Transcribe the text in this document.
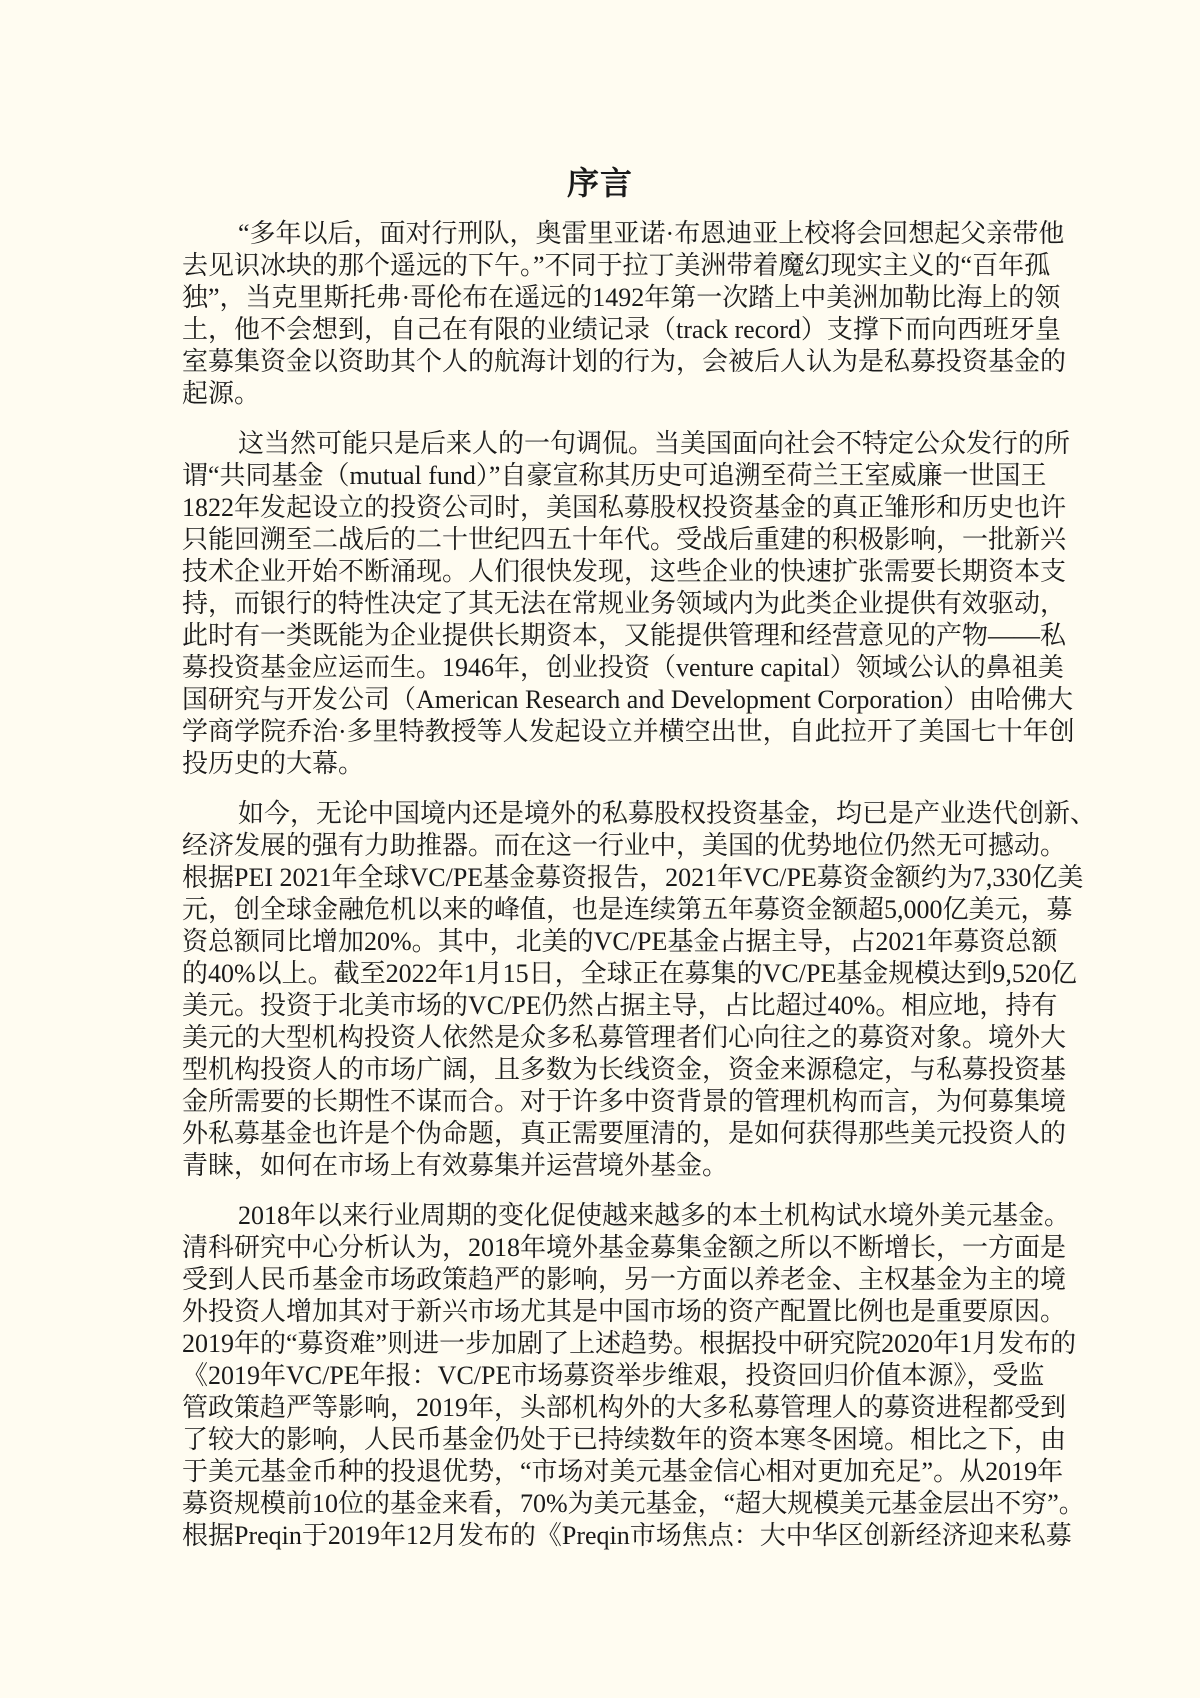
序言
“多年以后，面对行刑队，奥雷里亚诺·布恩迪亚上校将会回想起父亲带他
去见识冰块的那个遥远的下午。”不同于拉丁美洲带着魔幻现实主义的“百年孤
独”，当克里斯托弗·哥伦布在遥远的1492年第一次踏上中美洲加勒比海上的领
土，他不会想到，自己在有限的业绩记录（track record）支撑下而向西班牙皇
室募集资金以资助其个人的航海计划的行为，会被后人认为是私募投资基金的
起源。
这当然可能只是后来人的一句调侃。当美国面向社会不特定公众发行的所
谓“共同基金（mutual fund）”自豪宣称其历史可追溯至荷兰王室威廉一世国王
1822年发起设立的投资公司时，美国私募股权投资基金的真正雏形和历史也许
只能回溯至二战后的二十世纪四五十年代。受战后重建的积极影响，一批新兴
技术企业开始不断涌现。人们很快发现，这些企业的快速扩张需要长期资本支
持，而银行的特性决定了其无法在常规业务领域内为此类企业提供有效驱动，
此时有一类既能为企业提供长期资本，又能提供管理和经营意见的产物——私
募投资基金应运而生。1946年，创业投资（venture capital）领域公认的鼻祖美
国研究与开发公司（American Research and Development Corporation）由哈佛大
学商学院乔治·多里特教授等人发起设立并横空出世，自此拉开了美国七十年创
投历史的大幕。
如今，无论中国境内还是境外的私募股权投资基金，均已是产业迭代创新、
经济发展的强有力助推器。而在这一行业中，美国的优势地位仍然无可撼动。
根据PEI 2021年全球VC/PE基金募资报告，2021年VC/PE募资金额约为7,330亿美
元，创全球金融危机以来的峰值，也是连续第五年募资金额超5,000亿美元，募
资总额同比增加20%。其中，北美的VC/PE基金占据主导，占2021年募资总额
的40%以上。截至2022年1月15日，全球正在募集的VC/PE基金规模达到9,520亿
美元。投资于北美市场的VC/PE仍然占据主导，占比超过40%。相应地，持有
美元的大型机构投资人依然是众多私募管理者们心向往之的募资对象。境外大
型机构投资人的市场广阔，且多数为长线资金，资金来源稳定，与私募投资基
金所需要的长期性不谋而合。对于许多中资背景的管理机构而言，为何募集境
外私募基金也许是个伪命题，真正需要厘清的，是如何获得那些美元投资人的
青睐，如何在市场上有效募集并运营境外基金。
2018年以来行业周期的变化促使越来越多的本土机构试水境外美元基金。
清科研究中心分析认为，2018年境外基金募集金额之所以不断增长，一方面是
受到人民币基金市场政策趋严的影响，另一方面以养老金、主权基金为主的境
外投资人增加其对于新兴市场尤其是中国市场的资产配置比例也是重要原因。
2019年的“募资难”则进一步加剧了上述趋势。根据投中研究院2020年1月发布的
《2019年VC/PE年报：VC/PE市场募资举步维艰，投资回归价值本源》，受监
管政策趋严等影响，2019年，头部机构外的大多私募管理人的募资进程都受到
了较大的影响，人民币基金仍处于已持续数年的资本寒冬困境。相比之下，由
于美元基金币种的投退优势，“市场对美元基金信心相对更加充足”。从2019年
募资规模前10位的基金来看，70%为美元基金，“超大规模美元基金层出不穷”。
根据Preqin于2019年12月发布的《Preqin市场焦点：大中华区创新经济迎来私募
